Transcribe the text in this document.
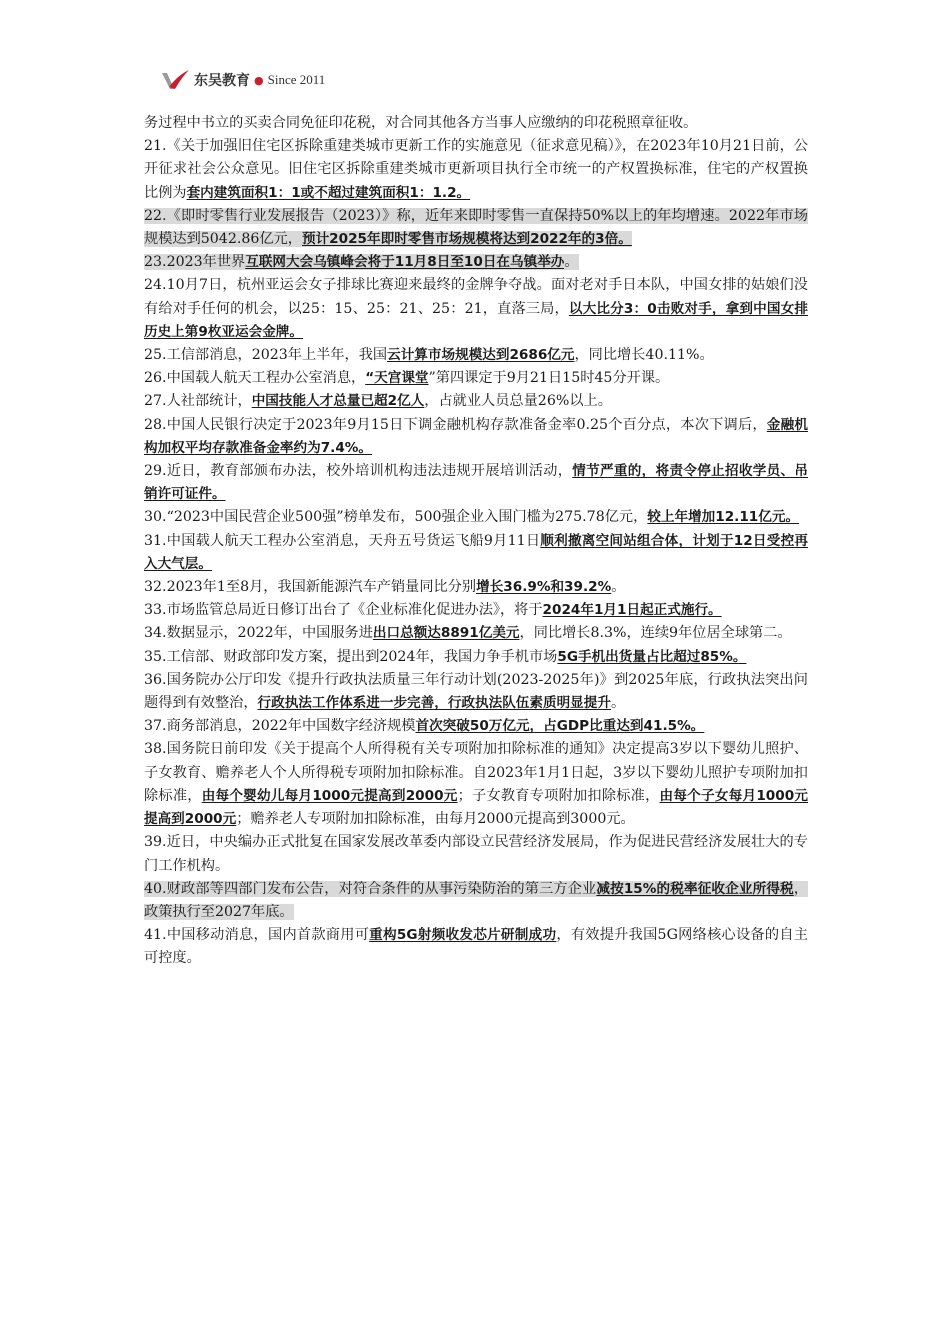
东吴教育 ● Since 2011

务过程中书立的买卖合同免征印花税，对合同其他各方当事人应缴纳的印花税照章征收。

21.《关于加强旧住宅区拆除重建类城市更新工作的实施意见（征求意见稿）》，在2023年10月21日前，公开征求社会公众意见。旧住宅区拆除重建类城市更新项目执行全市统一的产权置换标准，住宅的产权置换比例为套内建筑面积1：1或不超过建筑面积1：1.2。

22.《即时零售行业发展报告（2023）》称，近年来即时零售一直保持50%以上的年均增速。2022年市场规模达到5042.86亿元，预计2025年即时零售市场规模将达到2022年的3倍。

23.2023年世界互联网大会乌镇峰会将于11月8日至10日在乌镇举办。

24.10月7日，杭州亚运会女子排球比赛迎来最终的金牌争夺战。面对老对手日本队，中国女排的姑娘们没有给对手任何的机会，以25：15、25：21、25：21，直落三局，以大比分3：0击败对手，拿到中国女排历史上第9枚亚运会金牌。

25.工信部消息，2023年上半年，我国云计算市场规模达到2686亿元，同比增长40.11%。

26.中国载人航天工程办公室消息，“天宫课堂”第四课定于9月21日15时45分开课。

27.人社部统计，中国技能人才总量已超2亿人，占就业人员总量26%以上。

28.中国人民银行决定于2023年9月15日下调金融机构存款准备金率0.25个百分点，本次下调后，金融机构加权平均存款准备金率约为7.4%。

29.近日，教育部颁布办法，校外培训机构违法违规开展培训活动，情节严重的，将责令停止招收学员、吊销许可证件。

30.“2023中国民营企业500强”榜单发布，500强企业入围门槛为275.78亿元，较上年增加12.11亿元。

31.中国载人航天工程办公室消息，天舟五号货运飞船9月11日顺利撤离空间站组合体，计划于12日受控再入大气层。

32.2023年1至8月，我国新能源汽车产销量同比分别增长36.9%和39.2%。

33.市场监管总局近日修订出台了《企业标准化促进办法》，将于2024年1月1日起正式施行。

34.数据显示，2022年，中国服务进出口总额达8891亿美元，同比增长8.3%，连续9年位居全球第二。

35.工信部、财政部印发方案，提出到2024年，我国力争手机市场5G手机出货量占比超过85%。

36.国务院办公厅印发《提升行政执法质量三年行动计划(2023-2025年)》到2025年底，行政执法突出问题得到有效整治，行政执法工作体系进一步完善，行政执法队伍素质明显提升。

37.商务部消息，2022年中国数字经济规模首次突破50万亿元，占GDP比重达到41.5%。

38.国务院日前印发《关于提高个人所得税有关专项附加扣除标准的通知》决定提高3岁以下婴幼儿照护、子女教育、赡养老人个人所得税专项附加扣除标准。自2023年1月1日起，3岁以下婴幼儿照护专项附加扣除标准，由每个婴幼儿每月1000元提高到2000元；子女教育专项附加扣除标准，由每个子女每月1000元提高到2000元；赡养老人专项附加扣除标准，由每月2000元提高到3000元。

39.近日，中央编办正式批复在国家发展改革委内部设立民营经济发展局，作为促进民营经济发展壮大的专门工作机构。

40.财政部等四部门发布公告，对符合条件的从事污染防治的第三方企业减按15%的税率征收企业所得税，政策执行至2027年底。

41.中国移动消息，国内首款商用可重构5G射频收发芯片研制成功，有效提升我国5G网络核心设备的自主可控度。
